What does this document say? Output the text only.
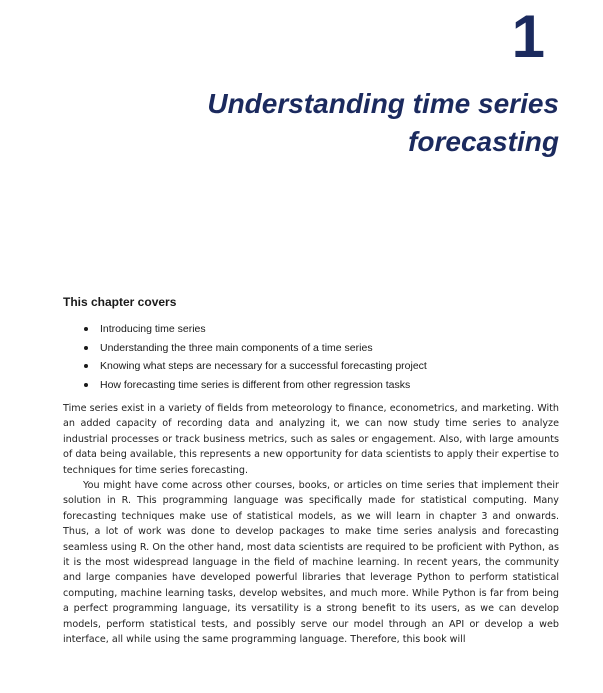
1
Understanding time series forecasting
This chapter covers
Introducing time series
Understanding the three main components of a time series
Knowing what steps are necessary for a successful forecasting project
How forecasting time series is different from other regression tasks

Time series exist in a variety of fields from meteorology to finance, econometrics, and marketing. With an added capacity of recording data and analyzing it, we can now study time series to analyze industrial processes or track business metrics, such as sales or engagement. Also, with large amounts of data being available, this represents a new opportunity for data scientists to apply their expertise to techniques for time series forecasting.

You might have come across other courses, books, or articles on time series that implement their solution in R. This programming language was specifically made for statistical computing. Many forecasting techniques make use of statistical models, as we will learn in chapter 3 and onwards. Thus, a lot of work was done to develop packages to make time series analysis and forecasting seamless using R. On the other hand, most data scientists are required to be proficient with Python, as it is the most widespread language in the field of machine learning. In recent years, the community and large companies have developed powerful libraries that leverage Python to perform statistical computing, machine learning tasks, develop websites, and much more. While Python is far from being a perfect programming language, its versatility is a strong benefit to its users, as we can develop models, perform statistical tests, and possibly serve our model through an API or develop a web interface, all while using the same programming language. Therefore, this book will
